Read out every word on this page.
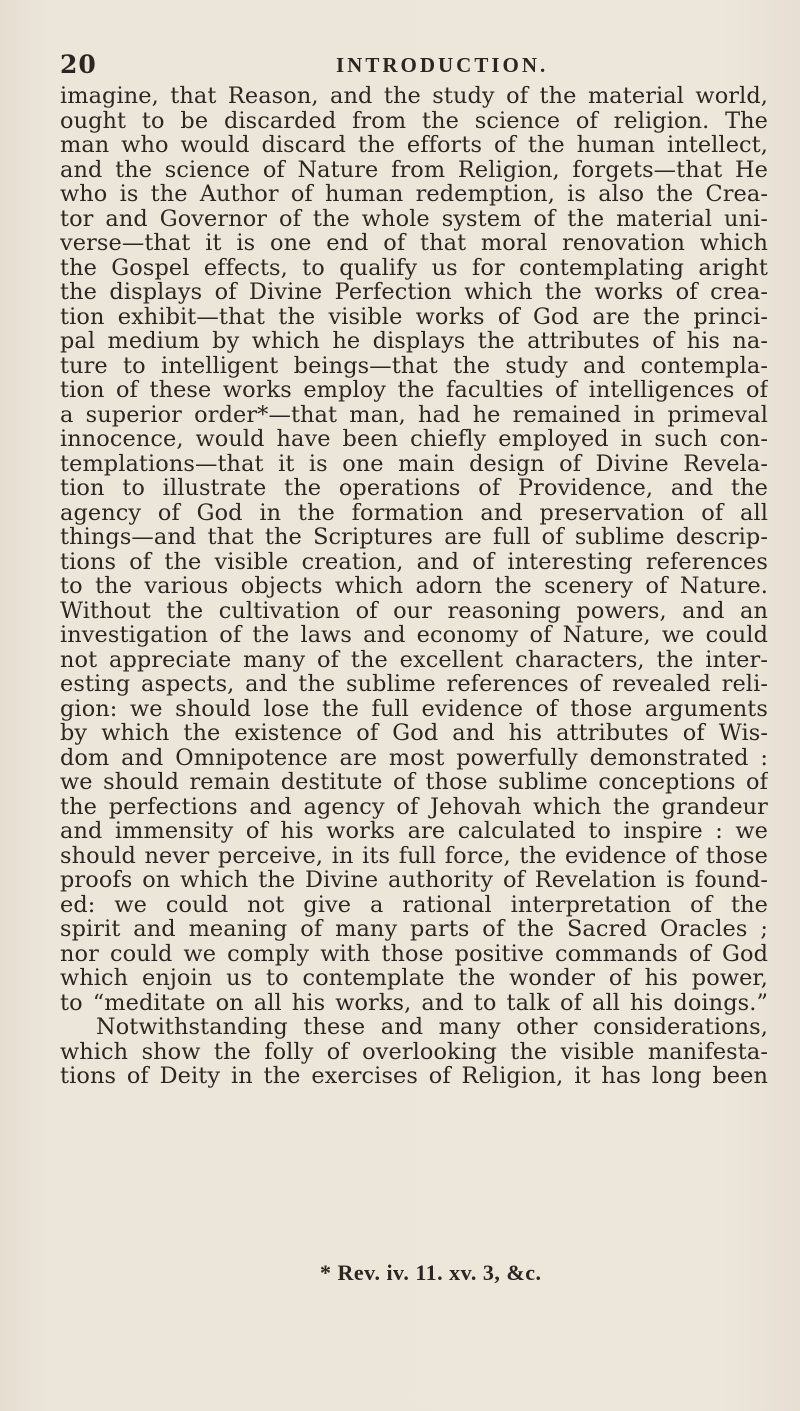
20	INTRODUCTION.
imagine, that Reason, and the study of the material world,
ought to be discarded from the science of religion. The
man who would discard the efforts of the human intellect,
and the science of Nature from Religion, forgets—that He
who is the Author of human redemption, is also the Crea-
tor and Governor of the whole system of the material uni-
verse—that it is one end of that moral renovation which
the Gospel effects, to qualify us for contemplating aright
the displays of Divine Perfection which the works of crea-
tion exhibit—that the visible works of God are the princi-
pal medium by which he displays the attributes of his na-
ture to intelligent beings—that the study and contempla-
tion of these works employ the faculties of intelligences of
a superior order*—that man, had he remained in primeval
innocence, would have been chiefly employed in such con-
templations—that it is one main design of Divine Revela-
tion to illustrate the operations of Providence, and the
agency of God in the formation and preservation of all
things—and that the Scriptures are full of sublime descrip-
tions of the visible creation, and of interesting references
to the various objects which adorn the scenery of Nature.
Without the cultivation of our reasoning powers, and an
investigation of the laws and economy of Nature, we could
not appreciate many of the excellent characters, the inter-
esting aspects, and the sublime references of revealed reli-
gion: we should lose the full evidence of those arguments
by which the existence of God and his attributes of Wis-
dom and Omnipotence are most powerfully demonstrated :
we should remain destitute of those sublime conceptions of
the perfections and agency of Jehovah which the grandeur
and immensity of his works are calculated to inspire : we
should never perceive, in its full force, the evidence of those
proofs on which the Divine authority of Revelation is found-
ed: we could not give a rational interpretation of the
spirit and meaning of many parts of the Sacred Oracles ;
nor could we comply with those positive commands of God
which enjoin us to contemplate the wonder of his power,
to “meditate on all his works, and to talk of all his doings.”
Notwithstanding these and many other considerations,
which show the folly of overlooking the visible manifesta-
tions of Deity in the exercises of Religion, it has long been
* Rev. iv. 11. xv. 3, &c.
